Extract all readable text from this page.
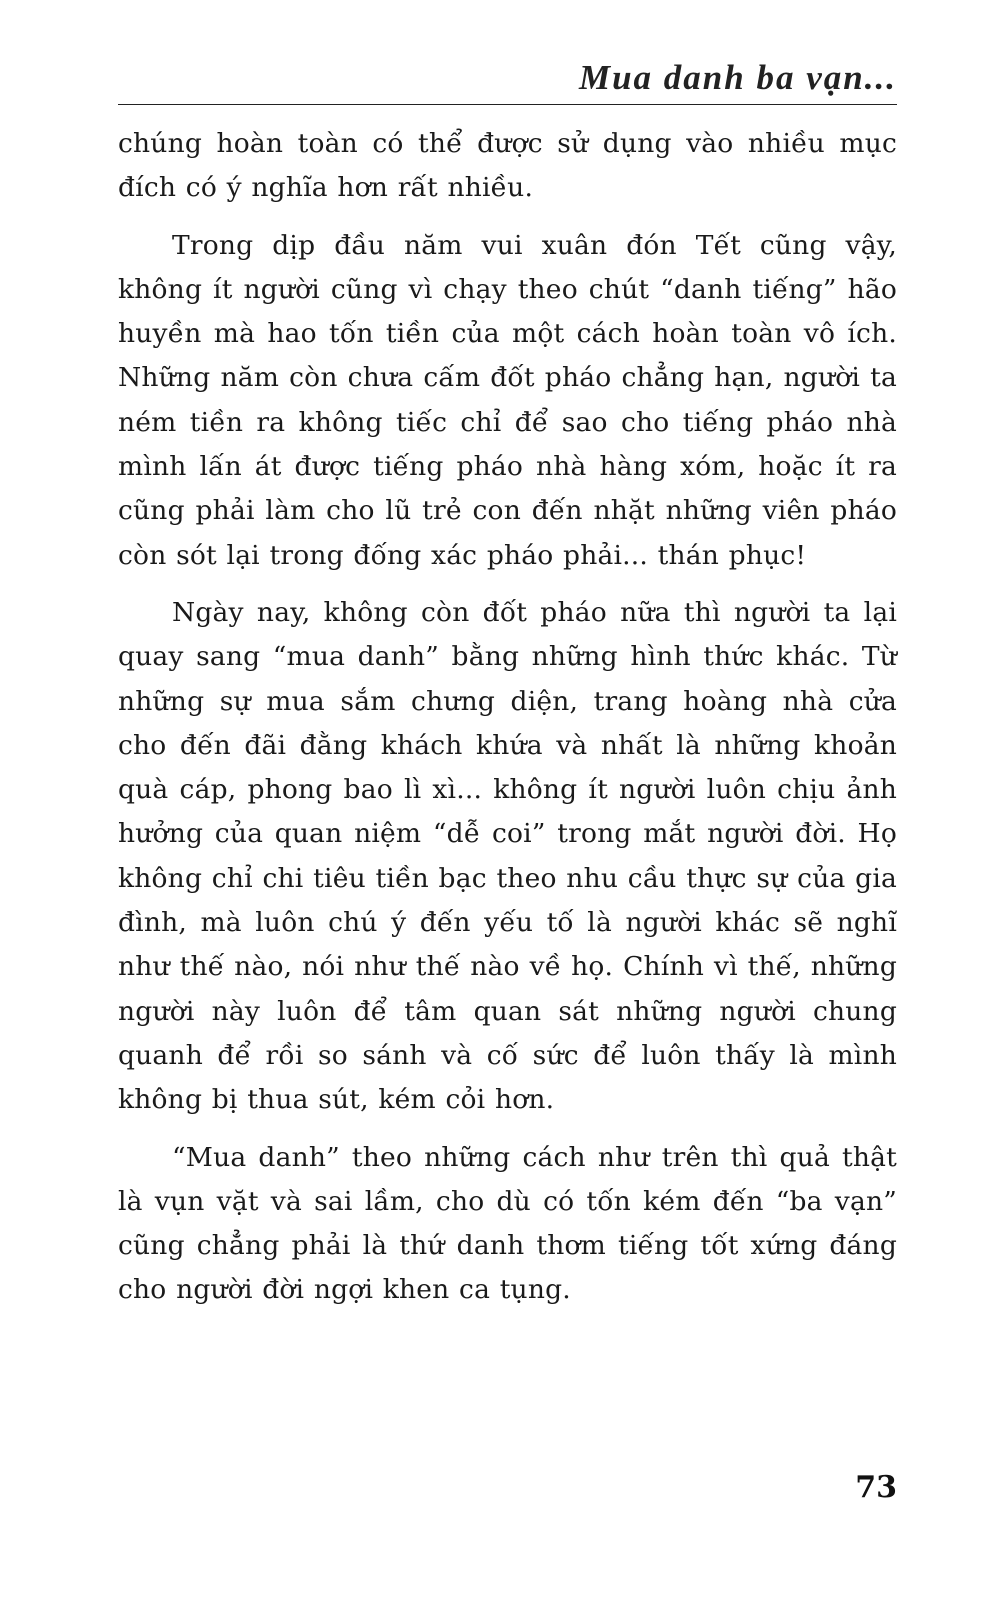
Mua danh ba vạn...

chúng hoàn toàn có thể được sử dụng vào nhiều mục đích có ý nghĩa hơn rất nhiều.

Trong dịp đầu năm vui xuân đón Tết cũng vậy, không ít người cũng vì chạy theo chút “danh tiếng” hão huyền mà hao tốn tiền của một cách hoàn toàn vô ích. Những năm còn chưa cấm đốt pháo chẳng hạn, người ta ném tiền ra không tiếc chỉ để sao cho tiếng pháo nhà mình lấn át được tiếng pháo nhà hàng xóm, hoặc ít ra cũng phải làm cho lũ trẻ con đến nhặt những viên pháo còn sót lại trong đống xác pháo phải... thán phục!

Ngày nay, không còn đốt pháo nữa thì người ta lại quay sang “mua danh” bằng những hình thức khác. Từ những sự mua sắm chưng diện, trang hoàng nhà cửa cho đến đãi đằng khách khứa và nhất là những khoản quà cáp, phong bao lì xì... không ít người luôn chịu ảnh hưởng của quan niệm “dễ coi” trong mắt người đời. Họ không chỉ chi tiêu tiền bạc theo nhu cầu thực sự của gia đình, mà luôn chú ý đến yếu tố là người khác sẽ nghĩ như thế nào, nói như thế nào về họ. Chính vì thế, những người này luôn để tâm quan sát những người chung quanh để rồi so sánh và cố sức để luôn thấy là mình không bị thua sút, kém cỏi hơn.

“Mua danh” theo những cách như trên thì quả thật là vụn vặt và sai lầm, cho dù có tốn kém đến “ba vạn” cũng chẳng phải là thứ danh thơm tiếng tốt xứng đáng cho người đời ngợi khen ca tụng.

73
